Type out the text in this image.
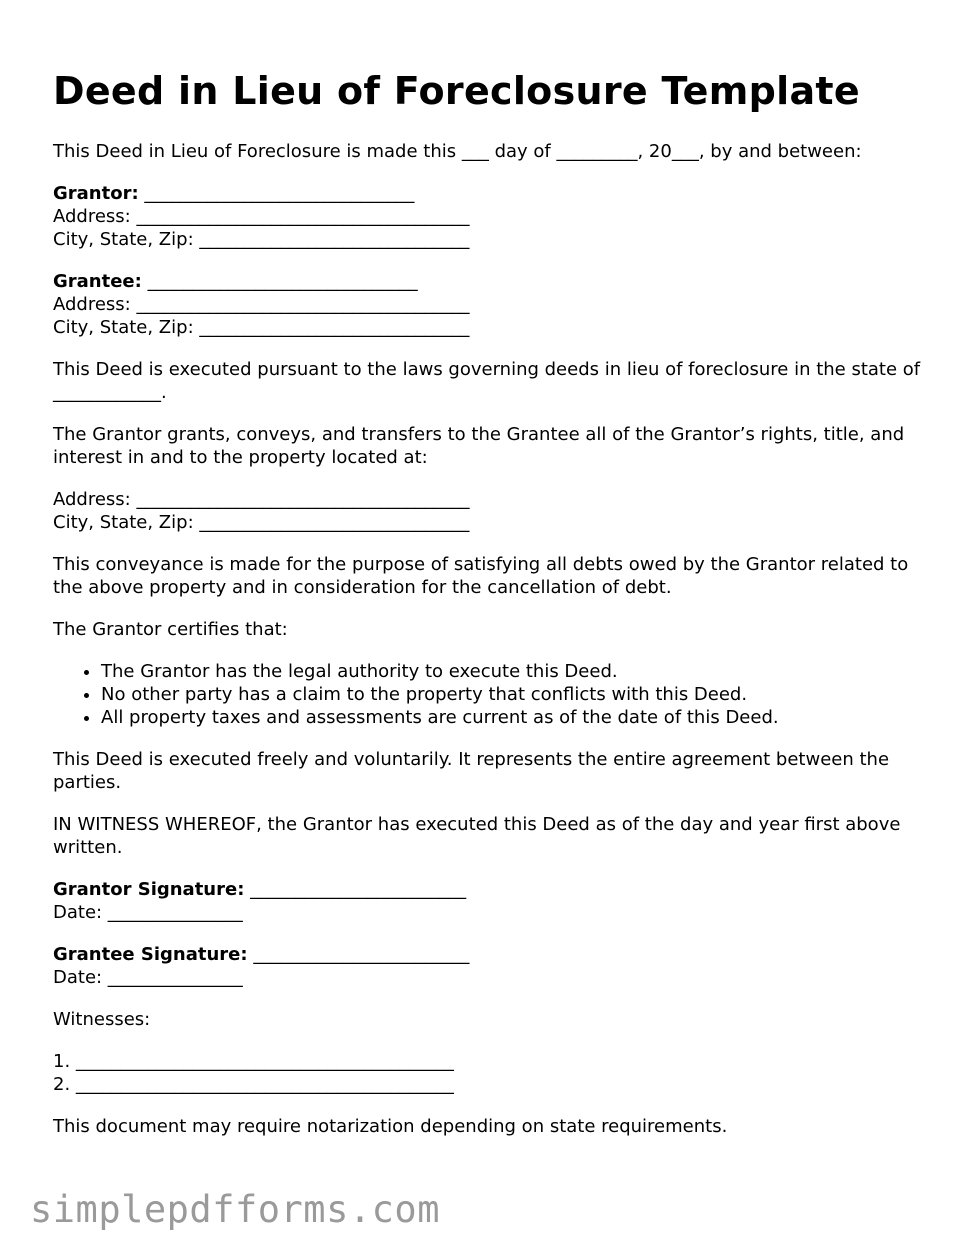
Deed in Lieu of Foreclosure Template

This Deed in Lieu of Foreclosure is made this ___ day of _________, 20___, by and between:

Grantor: ______________________________
Address: _____________________________________
City, State, Zip: ______________________________
Grantee: ______________________________
Address: _____________________________________
City, State, Zip: ______________________________

This Deed is executed pursuant to the laws governing deeds in lieu of foreclosure in the state of ____________.

The Grantor grants, conveys, and transfers to the Grantee all of the Grantor’s rights, title, and interest in and to the property located at:

Address: _____________________________________
City, State, Zip: ______________________________

This conveyance is made for the purpose of satisfying all debts owed by the Grantor related to the above property and in consideration for the cancellation of debt.

The Grantor certifies that:

• The Grantor has the legal authority to execute this Deed.
• No other party has a claim to the property that conflicts with this Deed.
• All property taxes and assessments are current as of the date of this Deed.

This Deed is executed freely and voluntarily. It represents the entire agreement between the parties.

IN WITNESS WHEREOF, the Grantor has executed this Deed as of the day and year first above written.

Grantor Signature: ________________________
Date: _______________
Grantee Signature: ________________________
Date: _______________

Witnesses:

1. __________________________________________
2. __________________________________________

This document may require notarization depending on state requirements.

simplepdfforms.com
